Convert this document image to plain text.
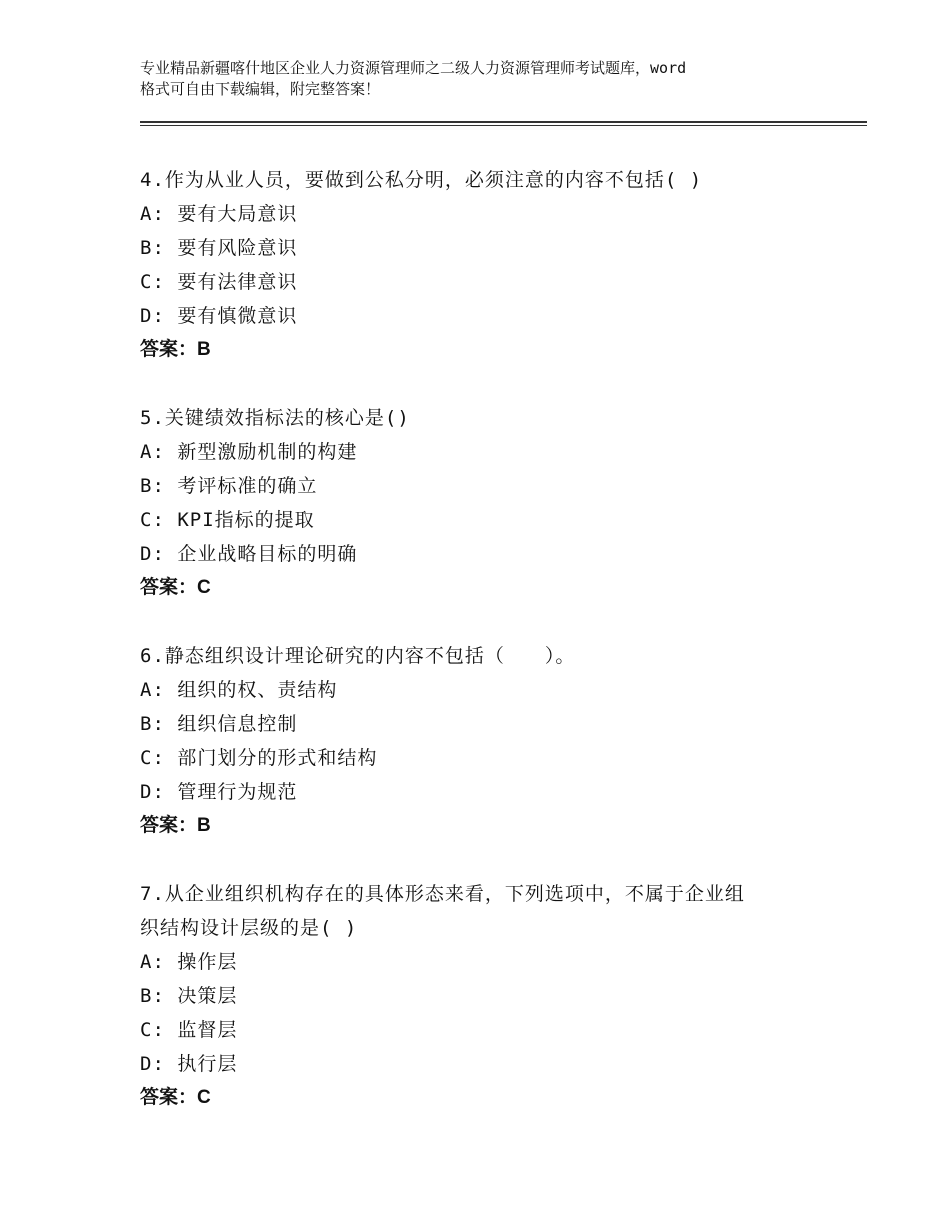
专业精品新疆喀什地区企业人力资源管理师之二级人力资源管理师考试题库，word
格式可自由下载编辑，附完整答案！
4.作为从业人员，要做到公私分明，必须注意的内容不包括( )
A: 要有大局意识
B: 要有风险意识
C: 要有法律意识
D: 要有慎微意识
答案：B
5.关键绩效指标法的核心是()
A: 新型激励机制的构建
B: 考评标准的确立
C: KPI指标的提取
D: 企业战略目标的明确
答案：C
6.静态组织设计理论研究的内容不包括（　　）。
A: 组织的权、责结构
B: 组织信息控制
C: 部门划分的形式和结构
D: 管理行为规范
答案：B
7.从企业组织机构存在的具体形态来看，下列选项中，不属于企业组
织结构设计层级的是( )
A: 操作层
B: 决策层
C: 监督层
D: 执行层
答案：C
